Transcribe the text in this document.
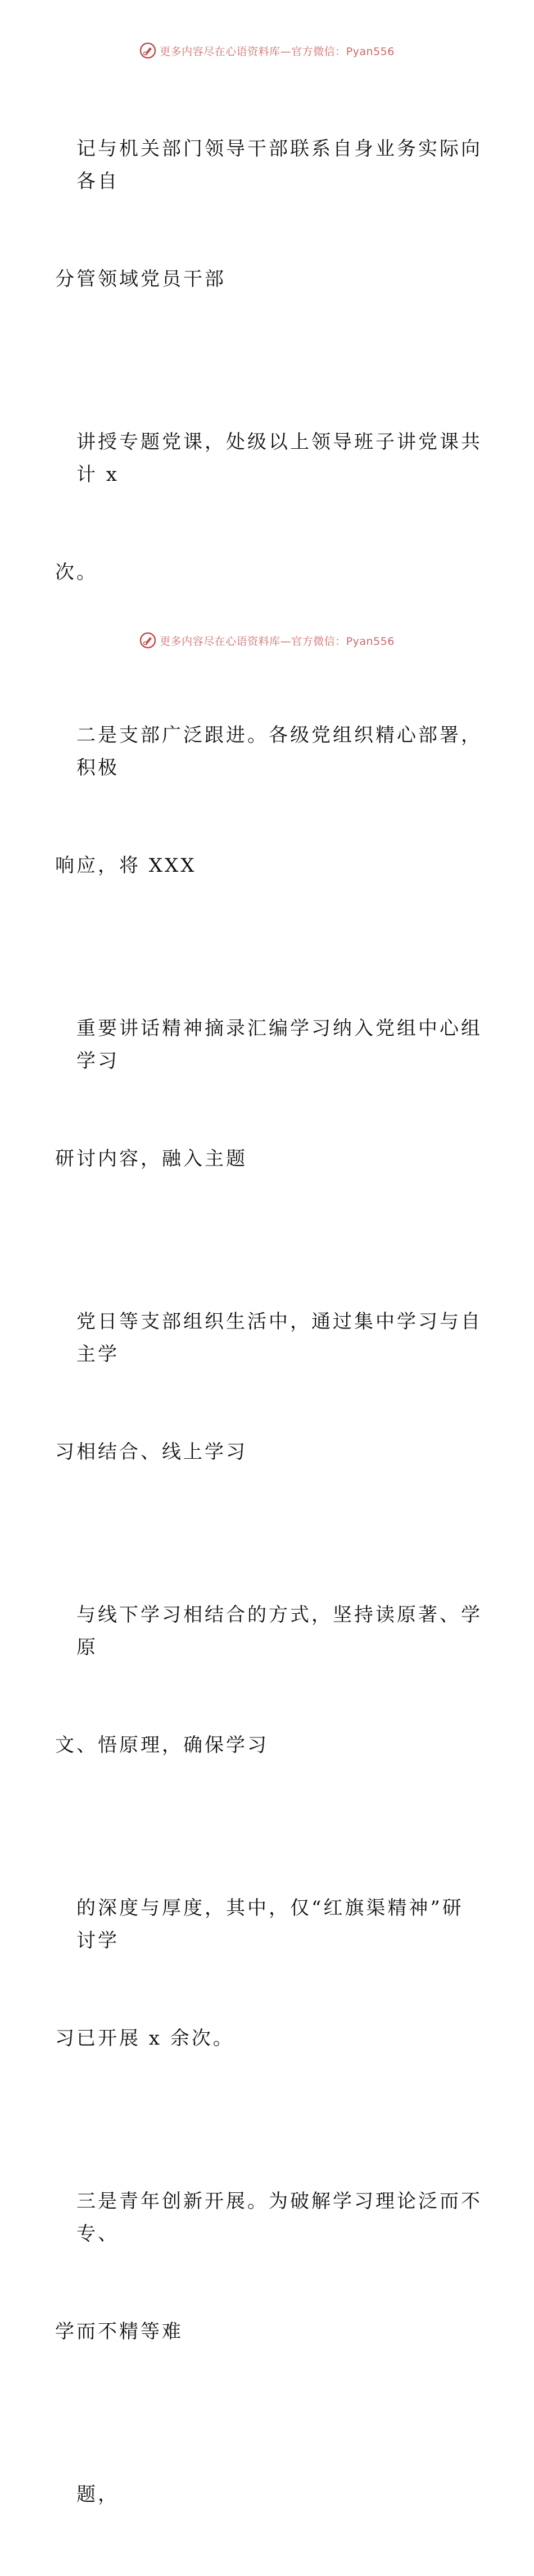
更多内容尽在心语资料库—官方微信：Pyan556

记与机关部门领导干部联系自身业务实际向各自

分管领域党员干部

讲授专题党课，处级以上领导班子讲党课共计 x

次。

二是支部广泛跟进。各级党组织精心部署，积极

响应，将 XXX

重要讲话精神摘录汇编学习纳入党组中心组学习

研讨内容，融入主题

党日等支部组织生活中，通过集中学习与自主学

习相结合、线上学习

与线下学习相结合的方式，坚持读原著、学原

文、悟原理，确保学习

的深度与厚度，其中，仅“红旗渠精神”研讨学

习已开展 x 余次。

三是青年创新开展。为破解学习理论泛而不专、

学而不精等难

题，

更多内容尽在心语资料库—官方微信：Pyan556
